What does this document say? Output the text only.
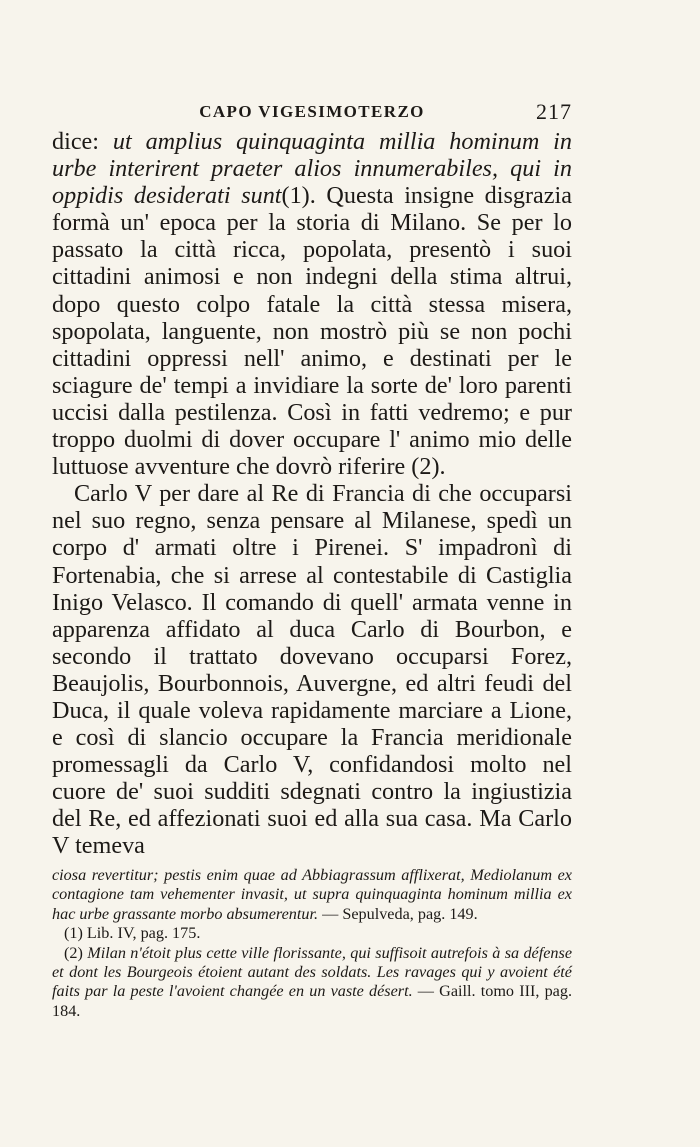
CAPO VIGESIMOTERZO	217

dice: ut amplius quinquaginta millia hominum in urbe interirent praeter alios innumerabiles, qui in oppidis desiderati sunt(1). Questa insigne disgrazia formà un' epoca per la storia di Milano. Se per lo passato la città ricca, popolata, presentò i suoi cittadini animosi e non indegni della stima altrui, dopo questo colpo fatale la città stessa misera, spopolata, languente, non mostrò più se non pochi cittadini oppressi nell' animo, e destinati per le sciagure de' tempi a invidiare la sorte de' loro parenti uccisi dalla pestilenza. Così in fatti vedremo; e pur troppo duolmi di dover occupare l' animo mio delle luttuose avventure che dovrò riferire (2).

Carlo V per dare al Re di Francia di che occuparsi nel suo regno, senza pensare al Milanese, spedì un corpo d' armati oltre i Pirenei. S' impadronì di Fortenabia, che si arrese al contestabile di Castiglia Inigo Velasco. Il comando di quell' armata venne in apparenza affidato al duca Carlo di Bourbon, e secondo il trattato dovevano occuparsi Forez, Beaujolis, Bourbonnois, Auvergne, ed altri feudi del Duca, il quale voleva rapidamente marciare a Lione, e così di slancio occupare la Francia meridionale promessagli da Carlo V, confidandosi molto nel cuore de' suoi sudditi sdegnati contro la ingiustizia del Re, ed affezionati suoi ed alla sua casa. Ma Carlo V temeva

ciosa revertitur; pestis enim quae ad Abbiagrassum afflixerat, Mediolanum ex contagione tam vehementer invasit, ut supra quinquaginta hominum millia ex hac urbe grassante morbo absumerentur. — Sepulveda, pag. 149.

(1) Lib. IV, pag. 175.

(2) Milan n'étoit plus cette ville florissante, qui suffisoit autrefois à sa défense et dont les Bourgeois étoient autant des soldats. Les ravages qui y avoient été faits par la peste l'avoient changée en un vaste désert. — Gaill. tomo III, pag. 184.
